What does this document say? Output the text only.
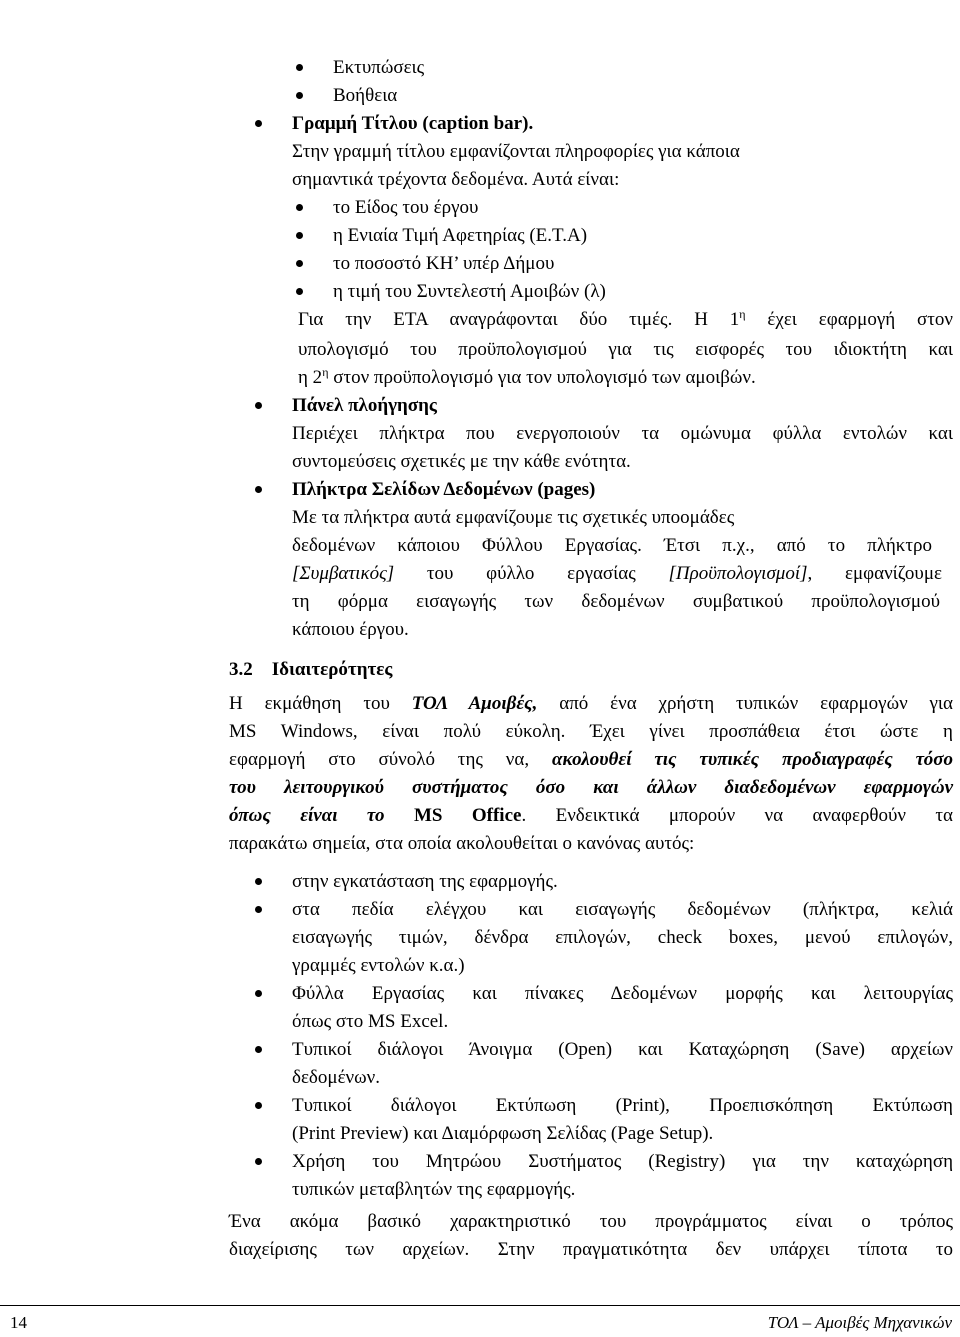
Εκτυπώσεις

Βοήθεια

Γραμμή Τίτλου (caption bar).

Στην γραμμή τίτλου εμφανίζονται πληροφορίες για κάποια

σημαντικά τρέχοντα δεδομένα. Αυτά είναι:

το Είδος του έργου

η Ενιαία Τιμή Αφετηρίας (Ε.Τ.Α)

το ποσοστό ΚΗ’ υπέρ Δήμου

η τιμή του Συντελεστή Αμοιβών (λ)

Για την ΕΤΑ αναγράφονται δύο τιμές. Η $1^\eta$ έχει εφαρμογή στον

υπολογισμό του προϋπολογισμού για τις εισφορές του ιδιοκτήτη και

η $2^\eta$ στον προϋπολογισμό για τον υπολογισμό των αμοιβών.

Πάνελ πλοήγησης

Περιέχει πλήκτρα που ενεργοποιούν τα ομώνυμα φύλλα εντολών και

συντομεύσεις σχετικές με την κάθε ενότητα.

Πλήκτρα Σελίδων Δεδομένων (pages)

Με τα πλήκτρα αυτά εμφανίζουμε τις σχετικές υποομάδες

δεδομένων κάποιου Φύλλου Εργασίας. Έτσι π.χ., από το πλήκτρο

[Συμβατικός] του φύλλο εργασίας [Προϋπολογισμοί], εμφανίζουμε

τη φόρμα εισαγωγής των δεδομένων συμβατικού προϋπολογισμού

κάποιου έργου.

3.2 Ιδιαιτερότητες

Η εκμάθηση του ΤΟΛ Αμοιβές, από ένα χρήστη τυπικών εφαρμογών για

MS Windows, είναι πολύ εύκολη. Έχει γίνει προσπάθεια έτσι ώστε η

εφαρμογή στο σύνολό της να, ακολουθεί τις τυπικές προδιαγραφές τόσο

του λειτουργικού συστήματος όσο και άλλων διαδεδομένων εφαρμογών

όπως είναι το MS Office. Ενδεικτικά μπορούν να αναφερθούν τα

παρακάτω σημεία, στα οποία ακολουθείται ο κανόνας αυτός:

στην εγκατάσταση της εφαρμογής.

στα πεδία ελέγχου και εισαγωγής δεδομένων (πλήκτρα, κελιά

εισαγωγής τιμών, δένδρα επιλογών, check boxes, μενού επιλογών,

γραμμές εντολών κ.α.)

Φύλλα Εργασίας και πίνακες Δεδομένων μορφής και λειτουργίας

όπως στο MS Excel.

Τυπικοί διάλογοι Άνοιγμα (Open) και Καταχώρηση (Save) αρχείων

δεδομένων.

Τυπικοί διάλογοι Εκτύπωση (Print), Προεπισκόπηση Εκτύπωση

(Print Preview) και Διαμόρφωση Σελίδας (Page Setup).

Χρήση του Μητρώου Συστήματος (Registry) για την καταχώρηση

τυπικών μεταβλητών της εφαρμογής.

Ένα ακόμα βασικό χαρακτηριστικό του προγράμματος είναι ο τρόπος

διαχείρισης των αρχείων. Στην πραγματικότητα δεν υπάρχει τίποτα το

14	ΤΟΛ – Αμοιβές Μηχανικών
